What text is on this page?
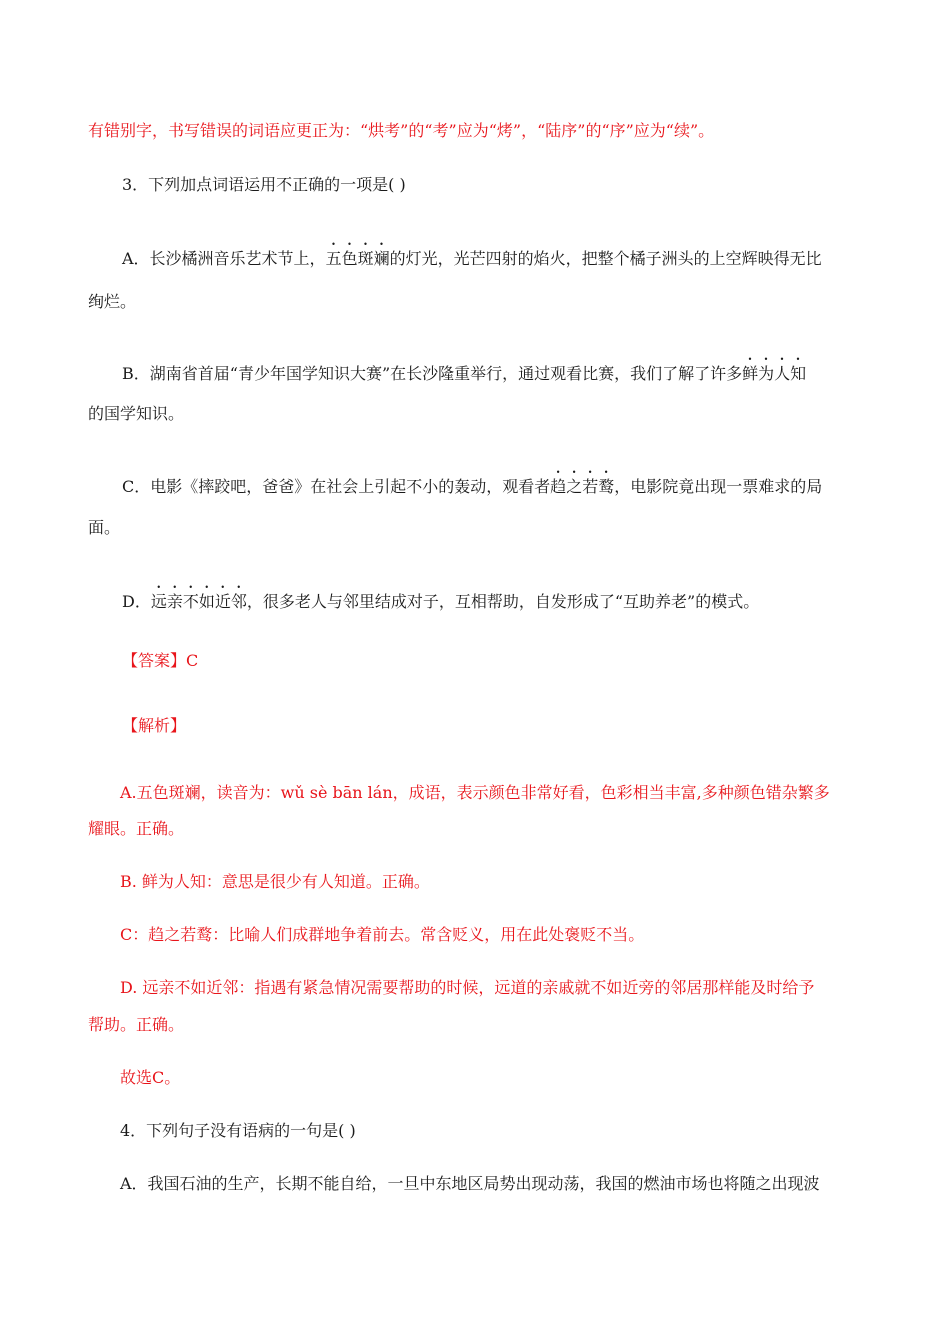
有错别字，书写错误的词语应更正为：“烘考”的“考”应为“烤”，“陆序”的“序”应为“续”。
3．下列加点词语运用不正确的一项是( )
A．长沙橘洲音乐艺术节上，五色斑斓的灯光，光芒四射的焰火，把整个橘子洲头的上空辉映得无比
绚烂。
B．湖南省首届“青少年国学知识大赛”在长沙隆重举行，通过观看比赛，我们了解了许多鲜为人知
的国学知识。
C．电影《摔跤吧，爸爸》在社会上引起不小的轰动，观看者趋之若鹜，电影院竟出现一票难求的局
面。
D．远亲不如近邻，很多老人与邻里结成对子，互相帮助，自发形成了“互助养老”的模式。
【答案】C
【解析】
A.五色斑斓，读音为：wǔ sè bān lán，成语，表示颜色非常好看，色彩相当丰富,多种颜色错杂繁多
耀眼。正确。
B. 鲜为人知：意思是很少有人知道。正确。
C：趋之若鹜：比喻人们成群地争着前去。常含贬义，用在此处褒贬不当。
D. 远亲不如近邻：指遇有紧急情况需要帮助的时候，远道的亲戚就不如近旁的邻居那样能及时给予
帮助。正确。
故选C。
4．下列句子没有语病的一句是( )
A．我国石油的生产，长期不能自给，一旦中东地区局势出现动荡，我国的燃油市场也将随之出现波
